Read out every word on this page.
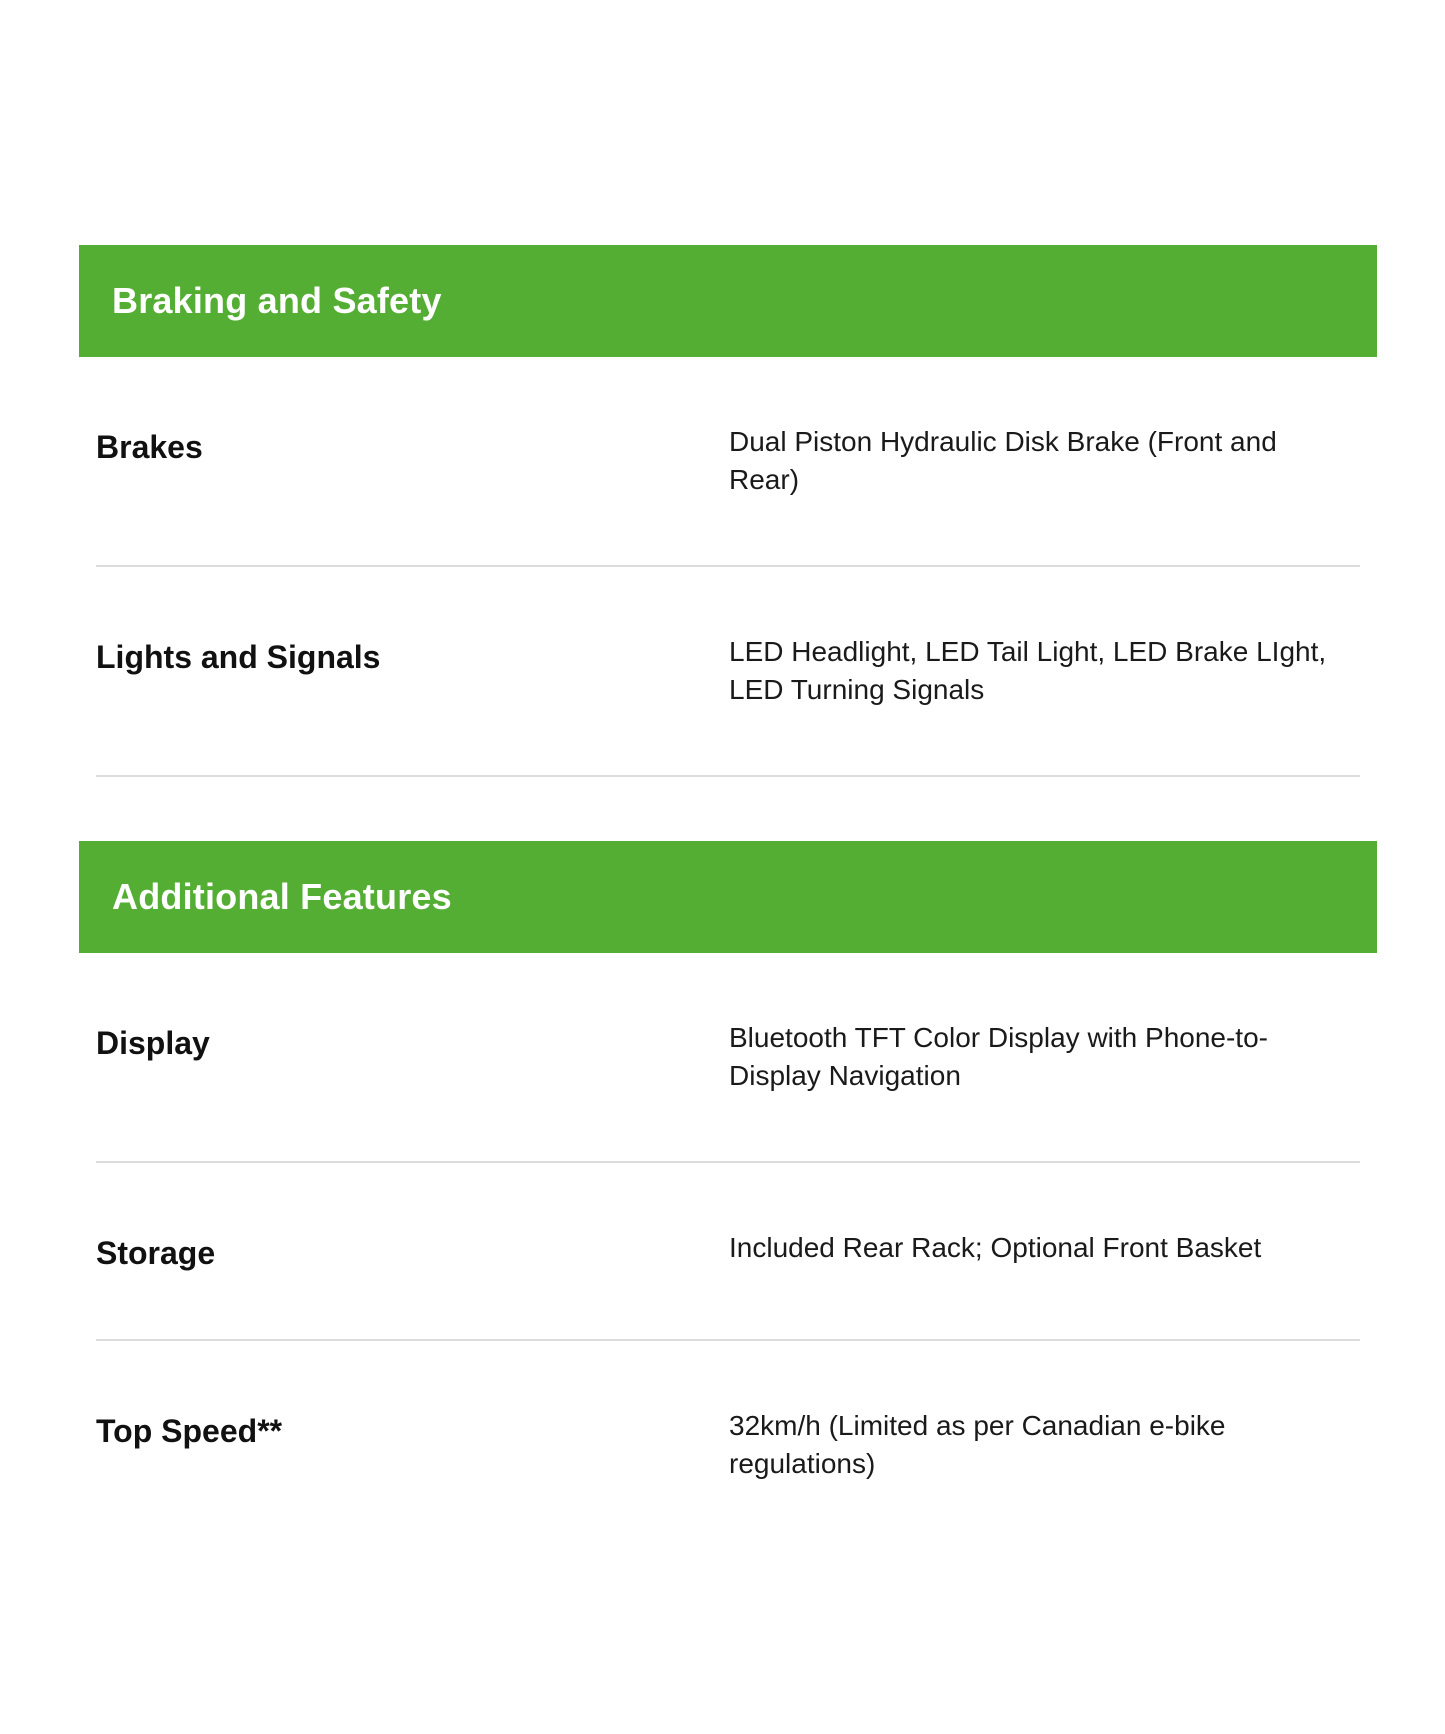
Braking and Safety
Brakes	Dual Piston Hydraulic Disk Brake (Front and Rear)
Lights and Signals	LED Headlight, LED Tail Light, LED Brake LIght, LED Turning Signals
Additional Features
Display	Bluetooth TFT Color Display with Phone-to-Display Navigation
Storage	Included Rear Rack; Optional Front Basket
Top Speed**	32km/h (Limited as per Canadian e-bike regulations)
